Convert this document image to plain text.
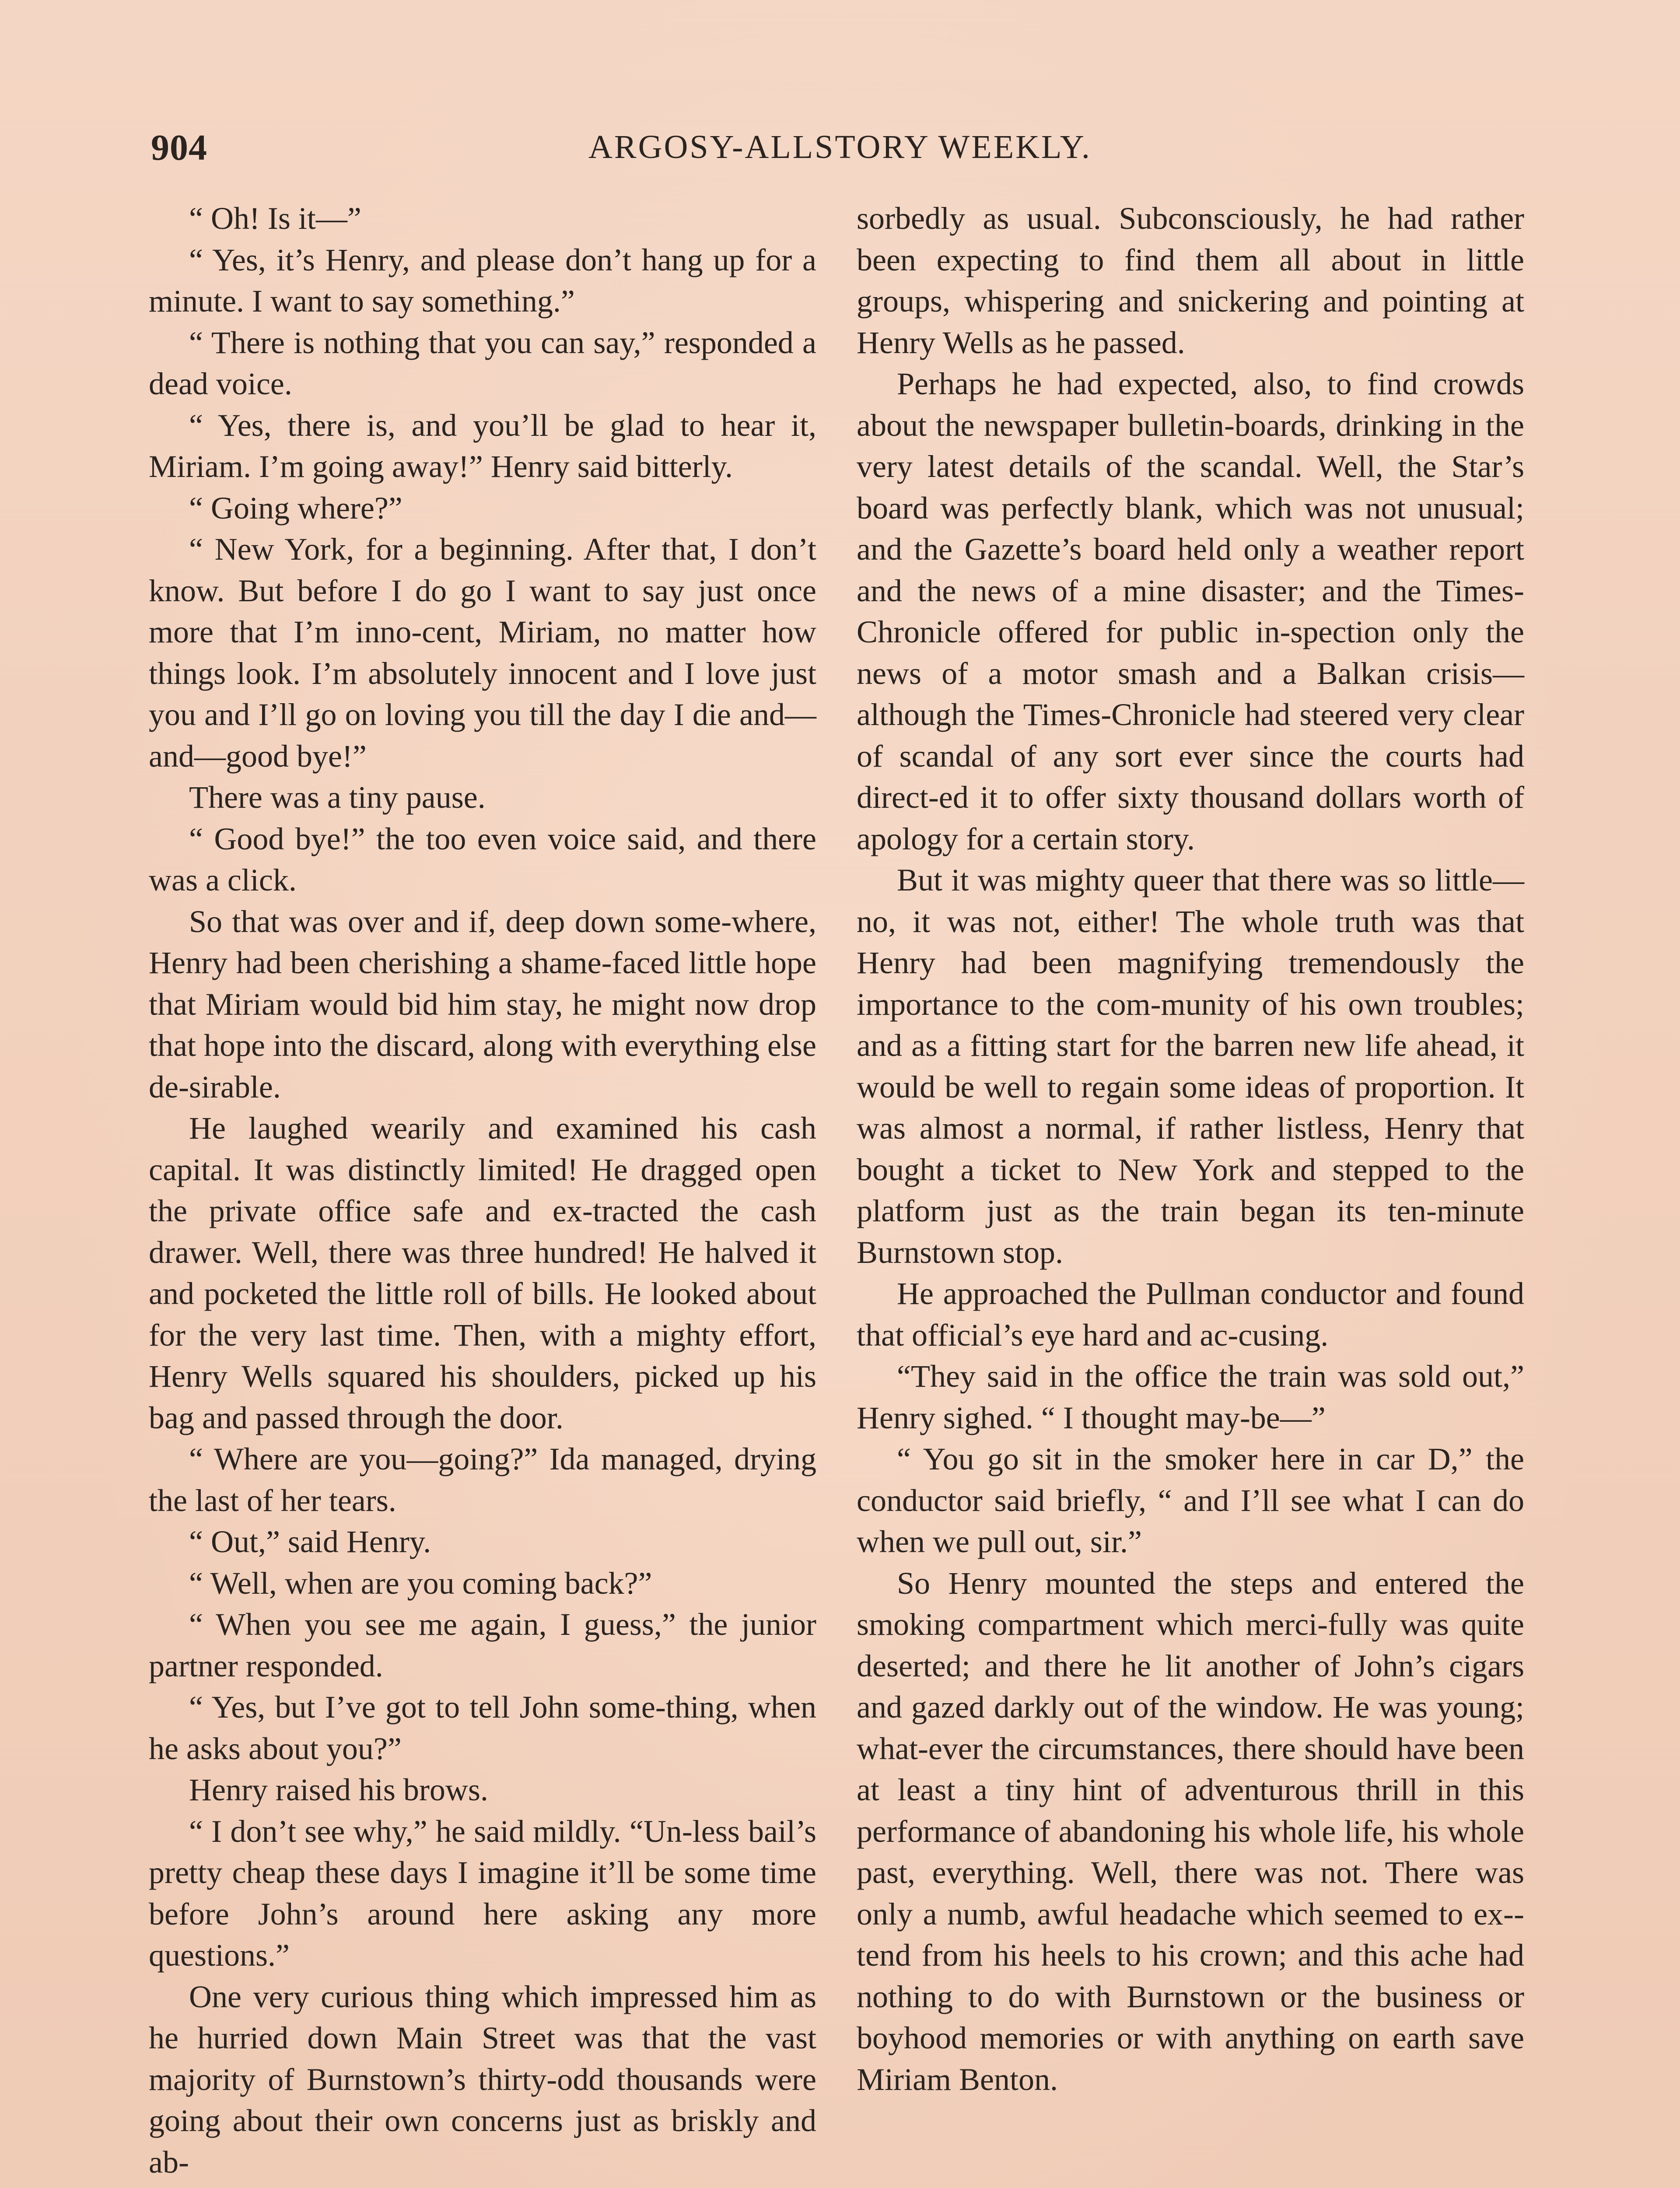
904	ARGOSY-ALLSTORY WEEKLY.

“ Oh! Is it—”

“ Yes, it’s Henry, and please don’t hang up for a minute. I want to say something.”

“ There is nothing that you can say,” responded a dead voice.

“ Yes, there is, and you’ll be glad to hear it, Miriam. I’m going away!” Henry said bitterly.

“ Going where?”

“ New York, for a beginning. After that, I don’t know. But before I do go I want to say just once more that I’m inno-cent, Miriam, no matter how things look. I’m absolutely innocent and I love just you and I’ll go on loving you till the day I die and—and—good bye!”

There was a tiny pause.

“ Good bye!” the too even voice said, and there was a click.

So that was over and if, deep down some-where, Henry had been cherishing a shame-faced little hope that Miriam would bid him stay, he might now drop that hope into the discard, along with everything else de-sirable.

He laughed wearily and examined his cash capital. It was distinctly limited! He dragged open the private office safe and ex-tracted the cash drawer. Well, there was three hundred! He halved it and pocketed the little roll of bills. He looked about for the very last time. Then, with a mighty effort, Henry Wells squared his shoulders, picked up his bag and passed through the door.

“ Where are you—going?” Ida managed, drying the last of her tears.

“ Out,” said Henry.

“ Well, when are you coming back?”

“ When you see me again, I guess,” the junior partner responded.

“ Yes, but I’ve got to tell John some-thing, when he asks about you?”

Henry raised his brows.

“ I don’t see why,” he said mildly. “Un-less bail’s pretty cheap these days I imagine it’ll be some time before John’s around here asking any more questions.”

One very curious thing which impressed him as he hurried down Main Street was that the vast majority of Burnstown’s thirty-odd thousands were going about their own concerns just as briskly and ab-

sorbedly as usual. Subconsciously, he had rather been expecting to find them all about in little groups, whispering and snickering and pointing at Henry Wells as he passed.

Perhaps he had expected, also, to find crowds about the newspaper bulletin-boards, drinking in the very latest details of the scandal. Well, the Star’s board was perfectly blank, which was not unusual; and the Gazette’s board held only a weather report and the news of a mine disaster; and the Times-Chronicle offered for public in-spection only the news of a motor smash and a Balkan crisis—although the Times-Chronicle had steered very clear of scandal of any sort ever since the courts had direct-ed it to offer sixty thousand dollars worth of apology for a certain story.

But it was mighty queer that there was so little—no, it was not, either! The whole truth was that Henry had been magnifying tremendously the importance to the com-munity of his own troubles; and as a fitting start for the barren new life ahead, it would be well to regain some ideas of proportion. It was almost a normal, if rather listless, Henry that bought a ticket to New York and stepped to the platform just as the train began its ten-minute Burnstown stop.

He approached the Pullman conductor and found that official’s eye hard and ac-cusing.

“They said in the office the train was sold out,” Henry sighed. “ I thought may-be—”

“ You go sit in the smoker here in car D,” the conductor said briefly, “ and I’ll see what I can do when we pull out, sir.”

So Henry mounted the steps and entered the smoking compartment which merci-fully was quite deserted; and there he lit another of John’s cigars and gazed darkly out of the window. He was young; what-ever the circumstances, there should have been at least a tiny hint of adventurous thrill in this performance of abandoning his whole life, his whole past, everything. Well, there was not. There was only a numb, awful headache which seemed to ex-tend from his heels to his crown; and this ache had nothing to do with Burnstown or the business or boyhood memories or with anything on earth save Miriam Benton.
